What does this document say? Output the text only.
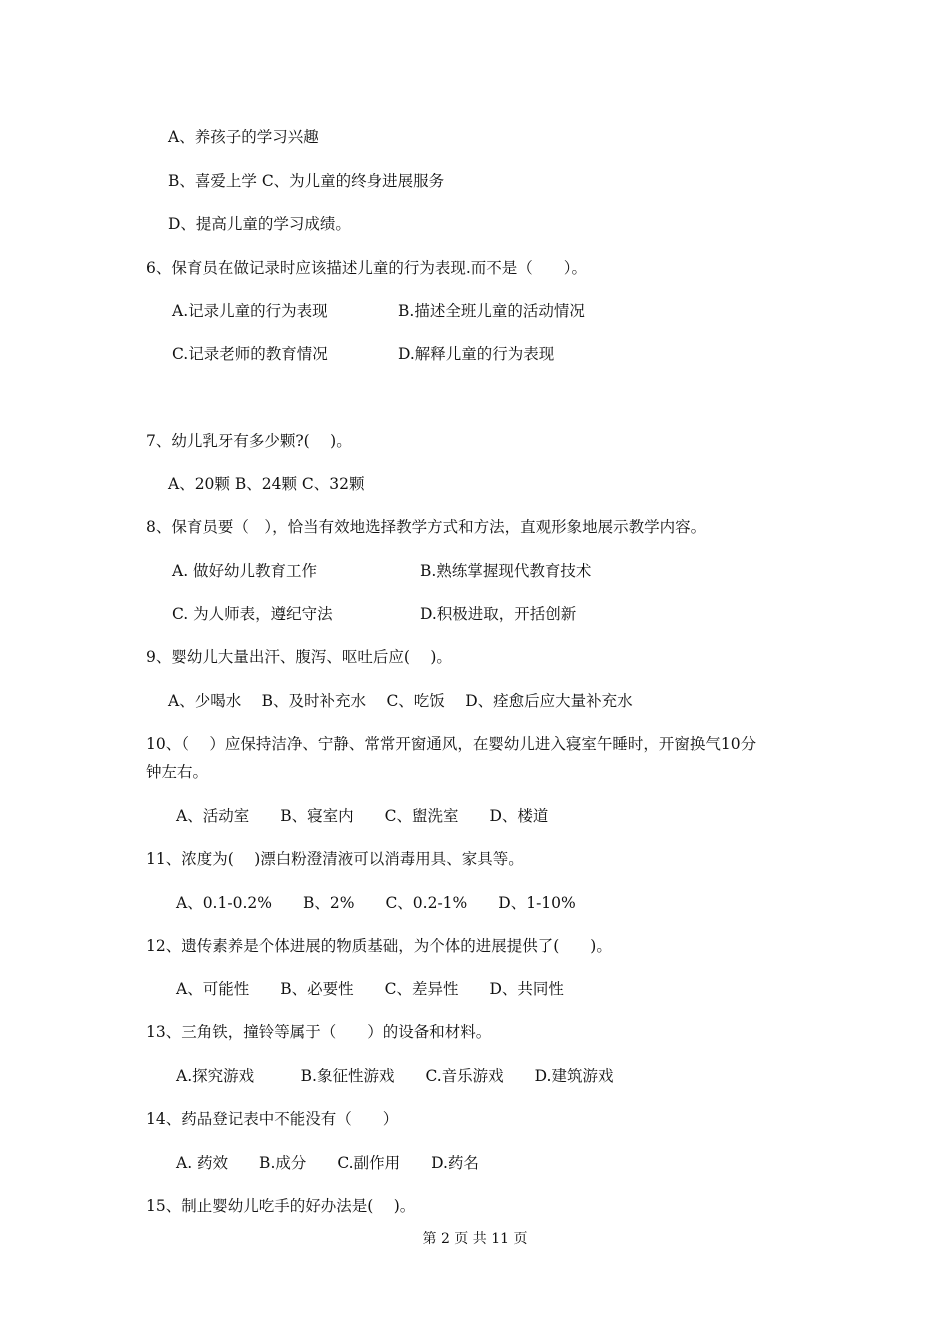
A、养孩子的学习兴趣
B、喜爱上学 C、为儿童的终身进展服务
D、提高儿童的学习成绩。
6、保育员在做记录时应该描述儿童的行为表现.而不是（　　）。
A.记录儿童的行为表现	B.描述全班儿童的活动情况
C.记录老师的教育情况	D.解释儿童的行为表现
7、幼儿乳牙有多少颗?(　 )。
A、20颗 B、24颗 C、32颗
8、保育员要（　），恰当有效地选择教学方式和方法，直观形象地展示教学内容。
A. 做好幼儿教育工作	B.熟练掌握现代教育技术
C. 为人师表，遵纪守法	D.积极进取，开括创新
9、婴幼儿大量出汗、腹泻、呕吐后应(　 )。
A、少喝水　 B、及时补充水　 C、吃饭　 D、痊愈后应大量补充水
10、（　 ）应保持洁净、宁静、常常开窗通风，在婴幼儿进入寝室午睡时，开窗换气10分
钟左右。
A、活动室　　B、寝室内　　C、盥洗室　　D、楼道
11、浓度为(　 )漂白粉澄清液可以消毒用具、家具等。
A、0.1-0.2%　　B、2%　　C、0.2-1%　　D、1-10%
12、遗传素养是个体进展的物质基础，为个体的进展提供了(　　)。
A、可能性　　B、必要性　　C、差异性　　D、共同性
13、三角铁，撞铃等属于（　　）的设备和材料。
A.探究游戏　　　B.象征性游戏　　C.音乐游戏　　D.建筑游戏
14、药品登记表中不能没有（　　）
A. 药效　　B.成分　　C.副作用　　D.药名
15、制止婴幼儿吃手的好办法是(　 )。
第 2 页 共 11 页
